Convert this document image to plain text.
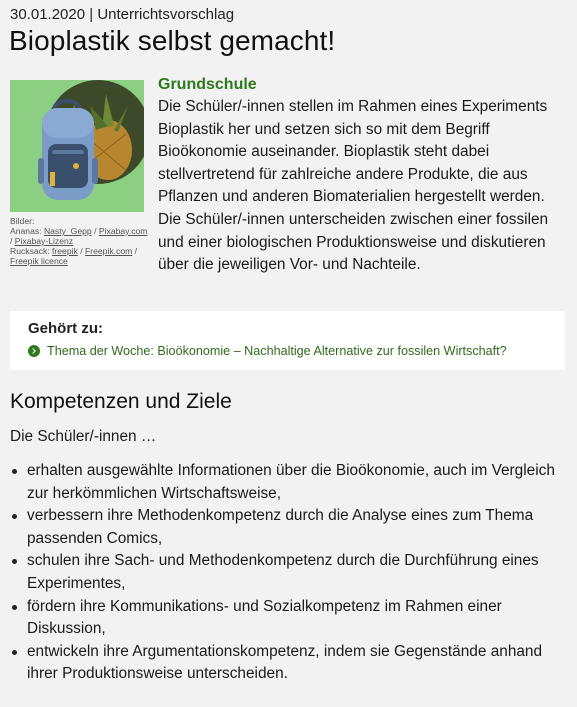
30.01.2020 | Unterrichtsvorschlag
Bioplastik selbst gemacht!
Bilder:
Ananas: Nasty_Gepp / Pixabay.com / Pixabay-Lizenz
Rucksack: freepik / Freepik.com / Freepik licence
Grundschule
Die Schüler/-innen stellen im Rahmen eines Experiments Bioplastik her und setzen sich so mit dem Begriff Bioökonomie auseinander. Bioplastik steht dabei stellvertretend für zahlreiche andere Produkte, die aus Pflanzen und anderen Biomaterialien hergestellt werden. Die Schüler/-innen unterscheiden zwischen einer fossilen und einer biologischen Produktionsweise und diskutieren über die jeweiligen Vor- und Nachteile.
Gehört zu:
Thema der Woche: Bioökonomie – Nachhaltige Alternative zur fossilen Wirtschaft?
Kompetenzen und Ziele
Die Schüler/-innen …
erhalten ausgewählte Informationen über die Bioökonomie, auch im Vergleich zur herkömmlichen Wirtschaftsweise,
verbessern ihre Methodenkompetenz durch die Analyse eines zum Thema passenden Comics,
schulen ihre Sach- und Methodenkompetenz durch die Durchführung eines Experimentes,
fördern ihre Kommunikations- und Sozialkompetenz im Rahmen einer Diskussion,
entwickeln ihre Argumentationskompetenz, indem sie Gegenstände anhand ihrer Produktionsweise unterscheiden.
